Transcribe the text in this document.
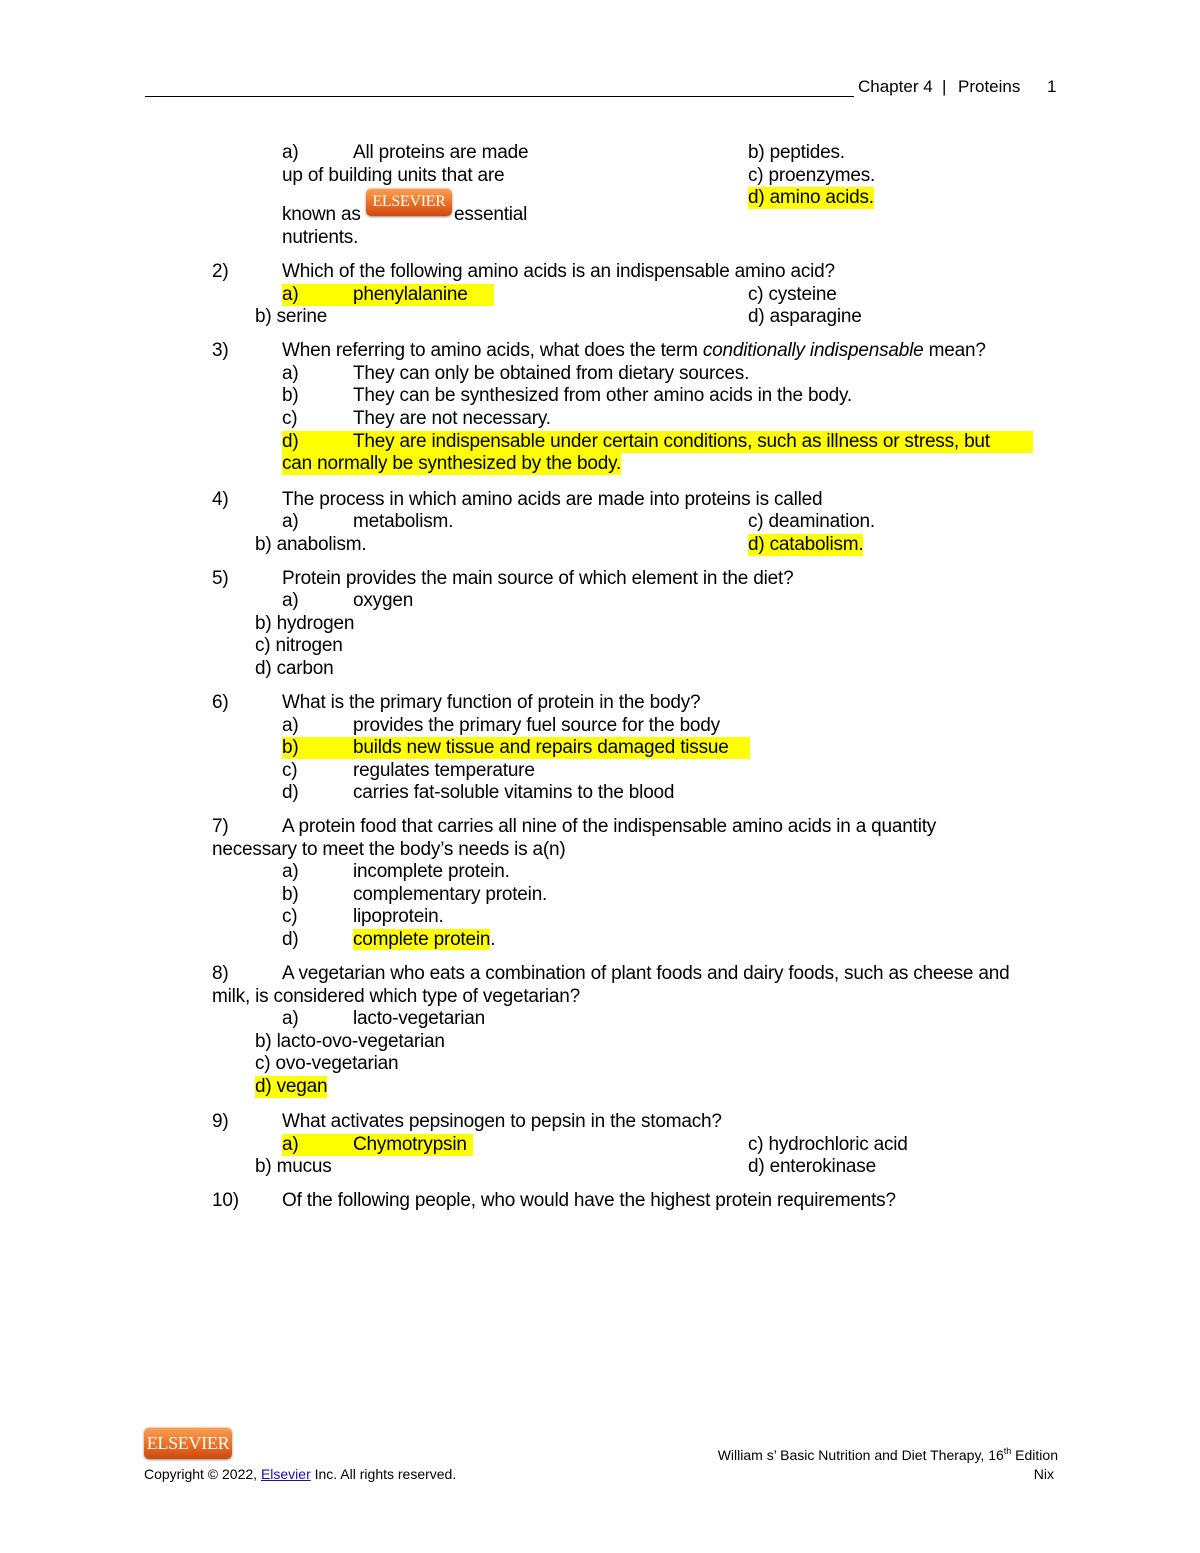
Chapter 4 | Proteins 1
a)	All proteins are made
up of building units that are
known as
ELSEVIER
essential
nutrients.
b) peptides.
c) proenzymes.
d) amino acids.
2)	Which of the following amino acids is an indispensable amino acid?
a)	phenylalanine
b) serine
c) cysteine
d) asparagine
3)	When referring to amino acids, what does the term conditionally indispensable mean?
a)	They can only be obtained from dietary sources.
b)	They can be synthesized from other amino acids in the body.
c)	They are not necessary.
d)	They are indispensable under certain conditions, such as illness or stress, but
can normally be synthesized by the body.
4)	The process in which amino acids are made into proteins is called
a)	metabolism.
b) anabolism.
c) deamination.
d) catabolism.
5)	Protein provides the main source of which element in the diet?
a)	oxygen
b) hydrogen
c) nitrogen
d) carbon
6)	What is the primary function of protein in the body?
a)	provides the primary fuel source for the body
b)	builds new tissue and repairs damaged tissue
c)	regulates temperature
d)	carries fat-soluble vitamins to the blood
7)	A protein food that carries all nine of the indispensable amino acids in a quantity
necessary to meet the body’s needs is a(n)
a)	incomplete protein.
b)	complementary protein.
c)	lipoprotein.
d)	complete protein.
8)	A vegetarian who eats a combination of plant foods and dairy foods, such as cheese and
milk, is considered which type of vegetarian?
a)	lacto-vegetarian
b) lacto-ovo-vegetarian
c) ovo-vegetarian
d) vegan
9)	What activates pepsinogen to pepsin in the stomach?
a)	Chymotrypsin
b) mucus
c) hydrochloric acid
d) enterokinase
10) Of the following people, who would have the highest protein requirements?
ELSEVIER
Copyright © 2022, Elsevier Inc. All rights reserved.
William s’ Basic Nutrition and Diet Therapy, 16th Edition
Nix
